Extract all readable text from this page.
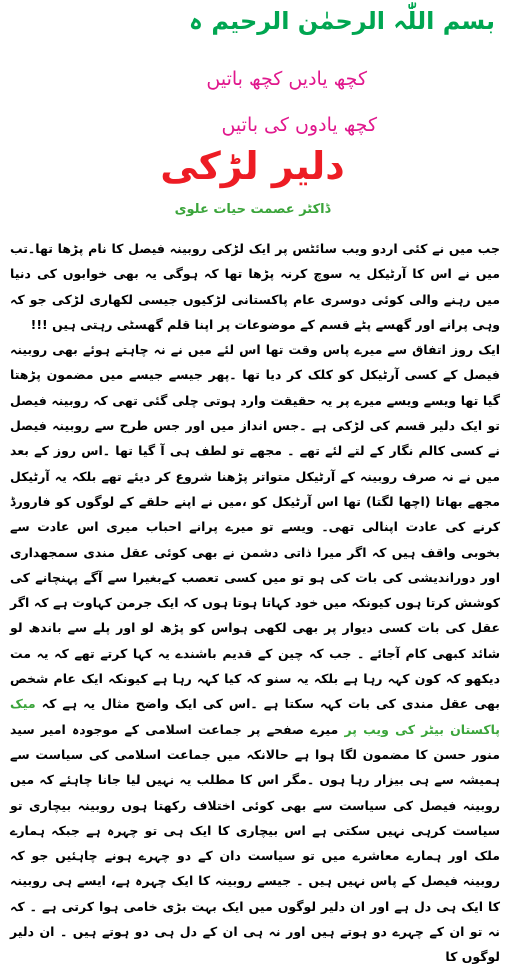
بسم اللّٰہ الرحمٰن الرحیم ہ
کچھ یادیں کچھ باتیں
کچھ یادوں کی باتیں
دلیر لڑکی
ڈاکٹر عصمت حیات علوی

جب میں نے کئی اردو ویب سائٹس پر ایک لڑکی روبینہ فیصل کا نام پڑھا تھا۔تب میں نے اس کا آرٹیکل یہ سوچ کرنہ پڑھا تھا کہ ہوگی یہ بھی خوابوں کی دنیا میں رہنے والی کوئی دوسری عام پاکستانی لڑکیوں جیسی لکھاری لڑکی جو کہ وہی پرانے اور گھسے پٹے قسم کے موضوعات پر اپنا قلم گھسٹی رہتی ہیں !!!

ایک روز اتفاق سے میرے پاس وقت تھا اس لئے میں نے نہ چاہتے ہوئے بھی روبینہ فیصل کے کسی آرٹیکل کو کلک کر دیا تھا ۔پھر جیسے جیسے میں مضمون پڑھتا گیا تھا ویسے ویسے میرے پر یہ حقیقت وارد ہوتی چلی گئی تھی کہ روبینہ فیصل تو ایک دلیر قسم کی لڑکی ہے ۔جس انداز میں اور جس طرح سے روبینہ فیصل نے کسی کالم نگار کے لتے لئے تھے ۔ مجھے تو لطف ہی آ گیا تھا ۔اس روز کے بعد میں نے نہ صرف روبینہ کے آرٹیکل متواتر پڑھنا شروع کر دیئے تھے بلکہ یہ آرٹیکل مجھے بھاتا (اچھا لگتا) تھا اس آرٹیکل کو ،میں نے اپنے حلقے کے لوگوں کو فارورڈ کرنے کی عادت اپنالی تھی۔ ویسے تو میرے پرانے احباب میری اس عادت سے بخوبی واقف ہیں کہ اگر میرا ذاتی دشمن نے بھی کوئی عقل مندی سمجھداری اور دوراندیشی کی بات کی ہو تو میں کسی تعصب کےبغیرا سے آگے پہنچانے کی کوشش کرتا ہوں کیونکہ میں خود کہاتا ہوتا ہوں کہ ایک جرمن کہاوت ہے کہ اگر عقل کی بات کسی دیوار پر بھی لکھی ہواس کو پڑھ لو اور پلے سے باندھ لو شائد کبھی کام آجائے ۔ جب کہ چین کے قدیم باشندے یہ کہا کرتے تھے کہ یہ مت دیکھو کہ کون کہہ رہا ہے بلکہ یہ سنو کہ کیا کہہ رہا ہے کیونکہ ایک عام شخص بھی عقل مندی کی بات کہہ سکتا ہے ۔اس کی ایک واضح مثال یہ ہے کہ میک پاکستان بیٹر کی ویب پر میرے صفحے پر جماعت اسلامی کے موجودہ امیر سید منور حسن کا مضمون لگا ہوا ہے حالانکہ میں جماعت اسلامی کی سیاست سے ہمیشہ سے ہی بیزار رہا ہوں ۔مگر اس کا مطلب یہ نہیں لیا جانا چاہئے کہ میں روبینہ فیصل کی سیاست سے بھی کوئی اختلاف رکھتا ہوں روبینہ بیچاری تو سیاست کرہی نہیں سکتی ہے اس بیچاری کا ایک ہی تو چہرہ ہے جبکہ ہمارے ملک اور ہمارے معاشرے میں تو سیاست دان کے دو چہرے ہونے چاہئیں جو کہ روبینہ فیصل کے پاس نہیں ہیں ۔ جیسے روبینہ کا ایک چہرہ ہے، ایسے ہی روبینہ کا ایک ہی دل ہے اور ان دلیر لوگوں میں ایک بہت بڑی خامی ہوا کرتی ہے ۔ کہ نہ تو ان کے چہرے دو ہوتے ہیں اور نہ ہی ان کے دل ہی دو ہوتے ہیں ۔ ان دلیر لوگوں کا
